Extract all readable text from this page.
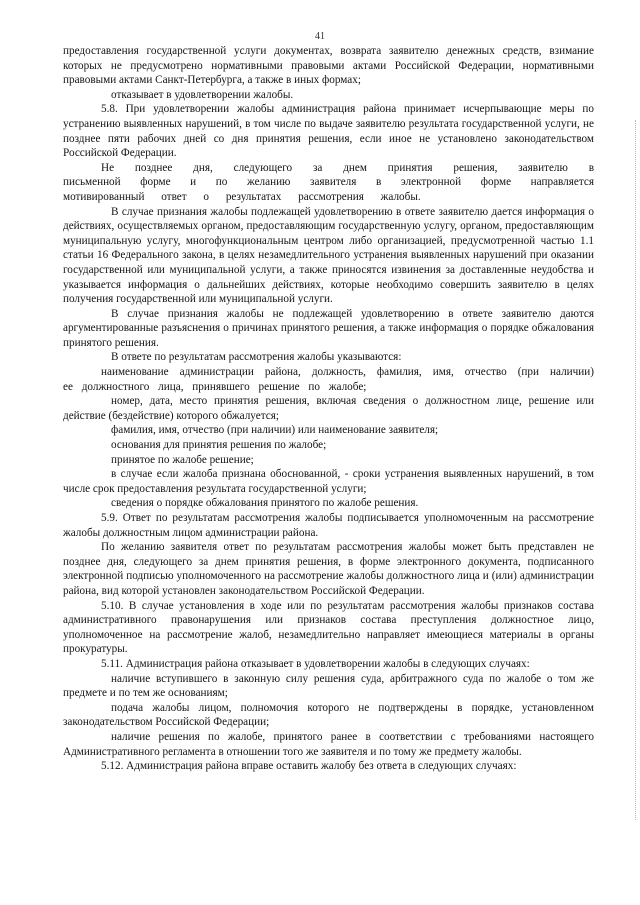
41

предоставления государственной услуги документах, возврата заявителю денежных средств, взимание которых не предусмотрено нормативными правовыми актами Российской Федерации, нормативными правовыми актами Санкт-Петербурга, а также в иных формах;

отказывает в удовлетворении жалобы.

5.8. При удовлетворении жалобы администрация района принимает исчерпывающие меры по устранению выявленных нарушений, в том числе по выдаче заявителю результата государственной услуги, не позднее пяти рабочих дней со дня принятия решения, если иное не установлено законодательством Российской Федерации.

Не позднее дня, следующего за днем принятия решения, заявителю в письменной форме и по желанию заявителя в электронной форме направляется мотивированный ответ о результатах рассмотрения жалобы.

В случае признания жалобы подлежащей удовлетворению в ответе заявителю дается информация о действиях, осуществляемых органом, предоставляющим государственную услугу, органом, предоставляющим муниципальную услугу, многофункциональным центром либо организацией, предусмотренной частью 1.1 статьи 16 Федерального закона, в целях незамедлительного устранения выявленных нарушений при оказании государственной или муниципальной услуги, а также приносятся извинения за доставленные неудобства и указывается информация о дальнейших действиях, которые необходимо совершить заявителю в целях получения государственной или муниципальной услуги.

В случае признания жалобы не подлежащей удовлетворению в ответе заявителю даются аргументированные разъяснения о причинах принятого решения, а также информация о порядке обжалования принятого решения.

В ответе по результатам рассмотрения жалобы указываются:

наименование администрации района, должность, фамилия, имя, отчество (при наличии) ее должностного лица, принявшего решение по жалобе;

номер, дата, место принятия решения, включая сведения о должностном лице, решение или действие (бездействие) которого обжалуется;

фамилия, имя, отчество (при наличии) или наименование заявителя;

основания для принятия решения по жалобе;

принятое по жалобе решение;

в случае если жалоба признана обоснованной, - сроки устранения выявленных нарушений, в том числе срок предоставления результата государственной услуги;

сведения о порядке обжалования принятого по жалобе решения.

5.9. Ответ по результатам рассмотрения жалобы подписывается уполномоченным на рассмотрение жалобы должностным лицом администрации района.

По желанию заявителя ответ по результатам рассмотрения жалобы может быть представлен не позднее дня, следующего за днем принятия решения, в форме электронного документа, подписанного электронной подписью уполномоченного на рассмотрение жалобы должностного лица и (или) администрации района, вид которой установлен законодательством Российской Федерации.

5.10. В случае установления в ходе или по результатам рассмотрения жалобы признаков состава административного правонарушения или признаков состава преступления должностное лицо, уполномоченное на рассмотрение жалоб, незамедлительно направляет имеющиеся материалы в органы прокуратуры.

5.11. Администрация района отказывает в удовлетворении жалобы в следующих случаях:

наличие вступившего в законную силу решения суда, арбитражного суда по жалобе о том же предмете и по тем же основаниям;

подача жалобы лицом, полномочия которого не подтверждены в порядке, установленном законодательством Российской Федерации;

наличие решения по жалобе, принятого ранее в соответствии с требованиями настоящего Административного регламента в отношении того же заявителя и по тому же предмету жалобы.

5.12. Администрация района вправе оставить жалобу без ответа в следующих случаях:
